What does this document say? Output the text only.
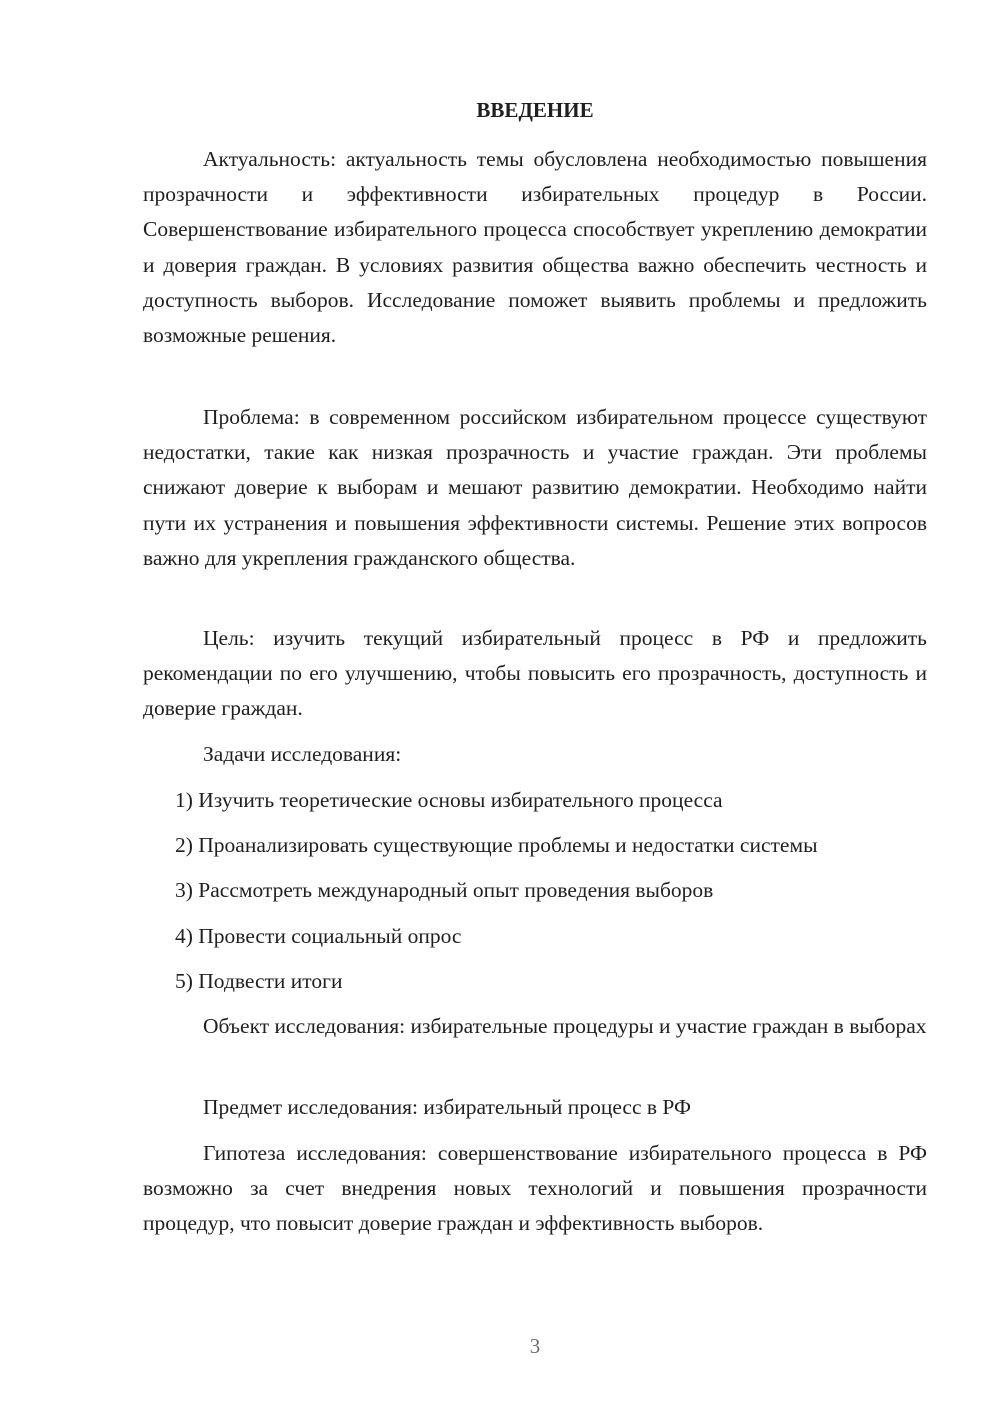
ВВЕДЕНИЕ

Актуальность: актуальность темы обусловлена необходимостью повышения прозрачности и эффективности избирательных процедур в России. Совершенствование избирательного процесса способствует укреплению демократии и доверия граждан. В условиях развития общества важно обеспечить честность и доступность выборов. Исследование поможет выявить проблемы и предложить возможные решения.

Проблема: в современном российском избирательном процессе существуют недостатки, такие как низкая прозрачность и участие граждан. Эти проблемы снижают доверие к выборам и мешают развитию демократии. Необходимо найти пути их устранения и повышения эффективности системы. Решение этих вопросов важно для укрепления гражданского общества.

Цель: изучить текущий избирательный процесс в РФ и предложить рекомендации по его улучшению, чтобы повысить его прозрачность, доступность и доверие граждан.

Задачи исследования:

1) Изучить теоретические основы избирательного процесса
2) Проанализировать существующие проблемы и недостатки системы
3) Рассмотреть международный опыт проведения выборов
4) Провести социальный опрос
5) Подвести итоги

Объект исследования: избирательные процедуры и участие граждан в выборах

Предмет исследования: избирательный процесс в РФ

Гипотеза исследования: совершенствование избирательного процесса в РФ возможно за счет внедрения новых технологий и повышения прозрачности процедур, что повысит доверие граждан и эффективность выборов.

3
